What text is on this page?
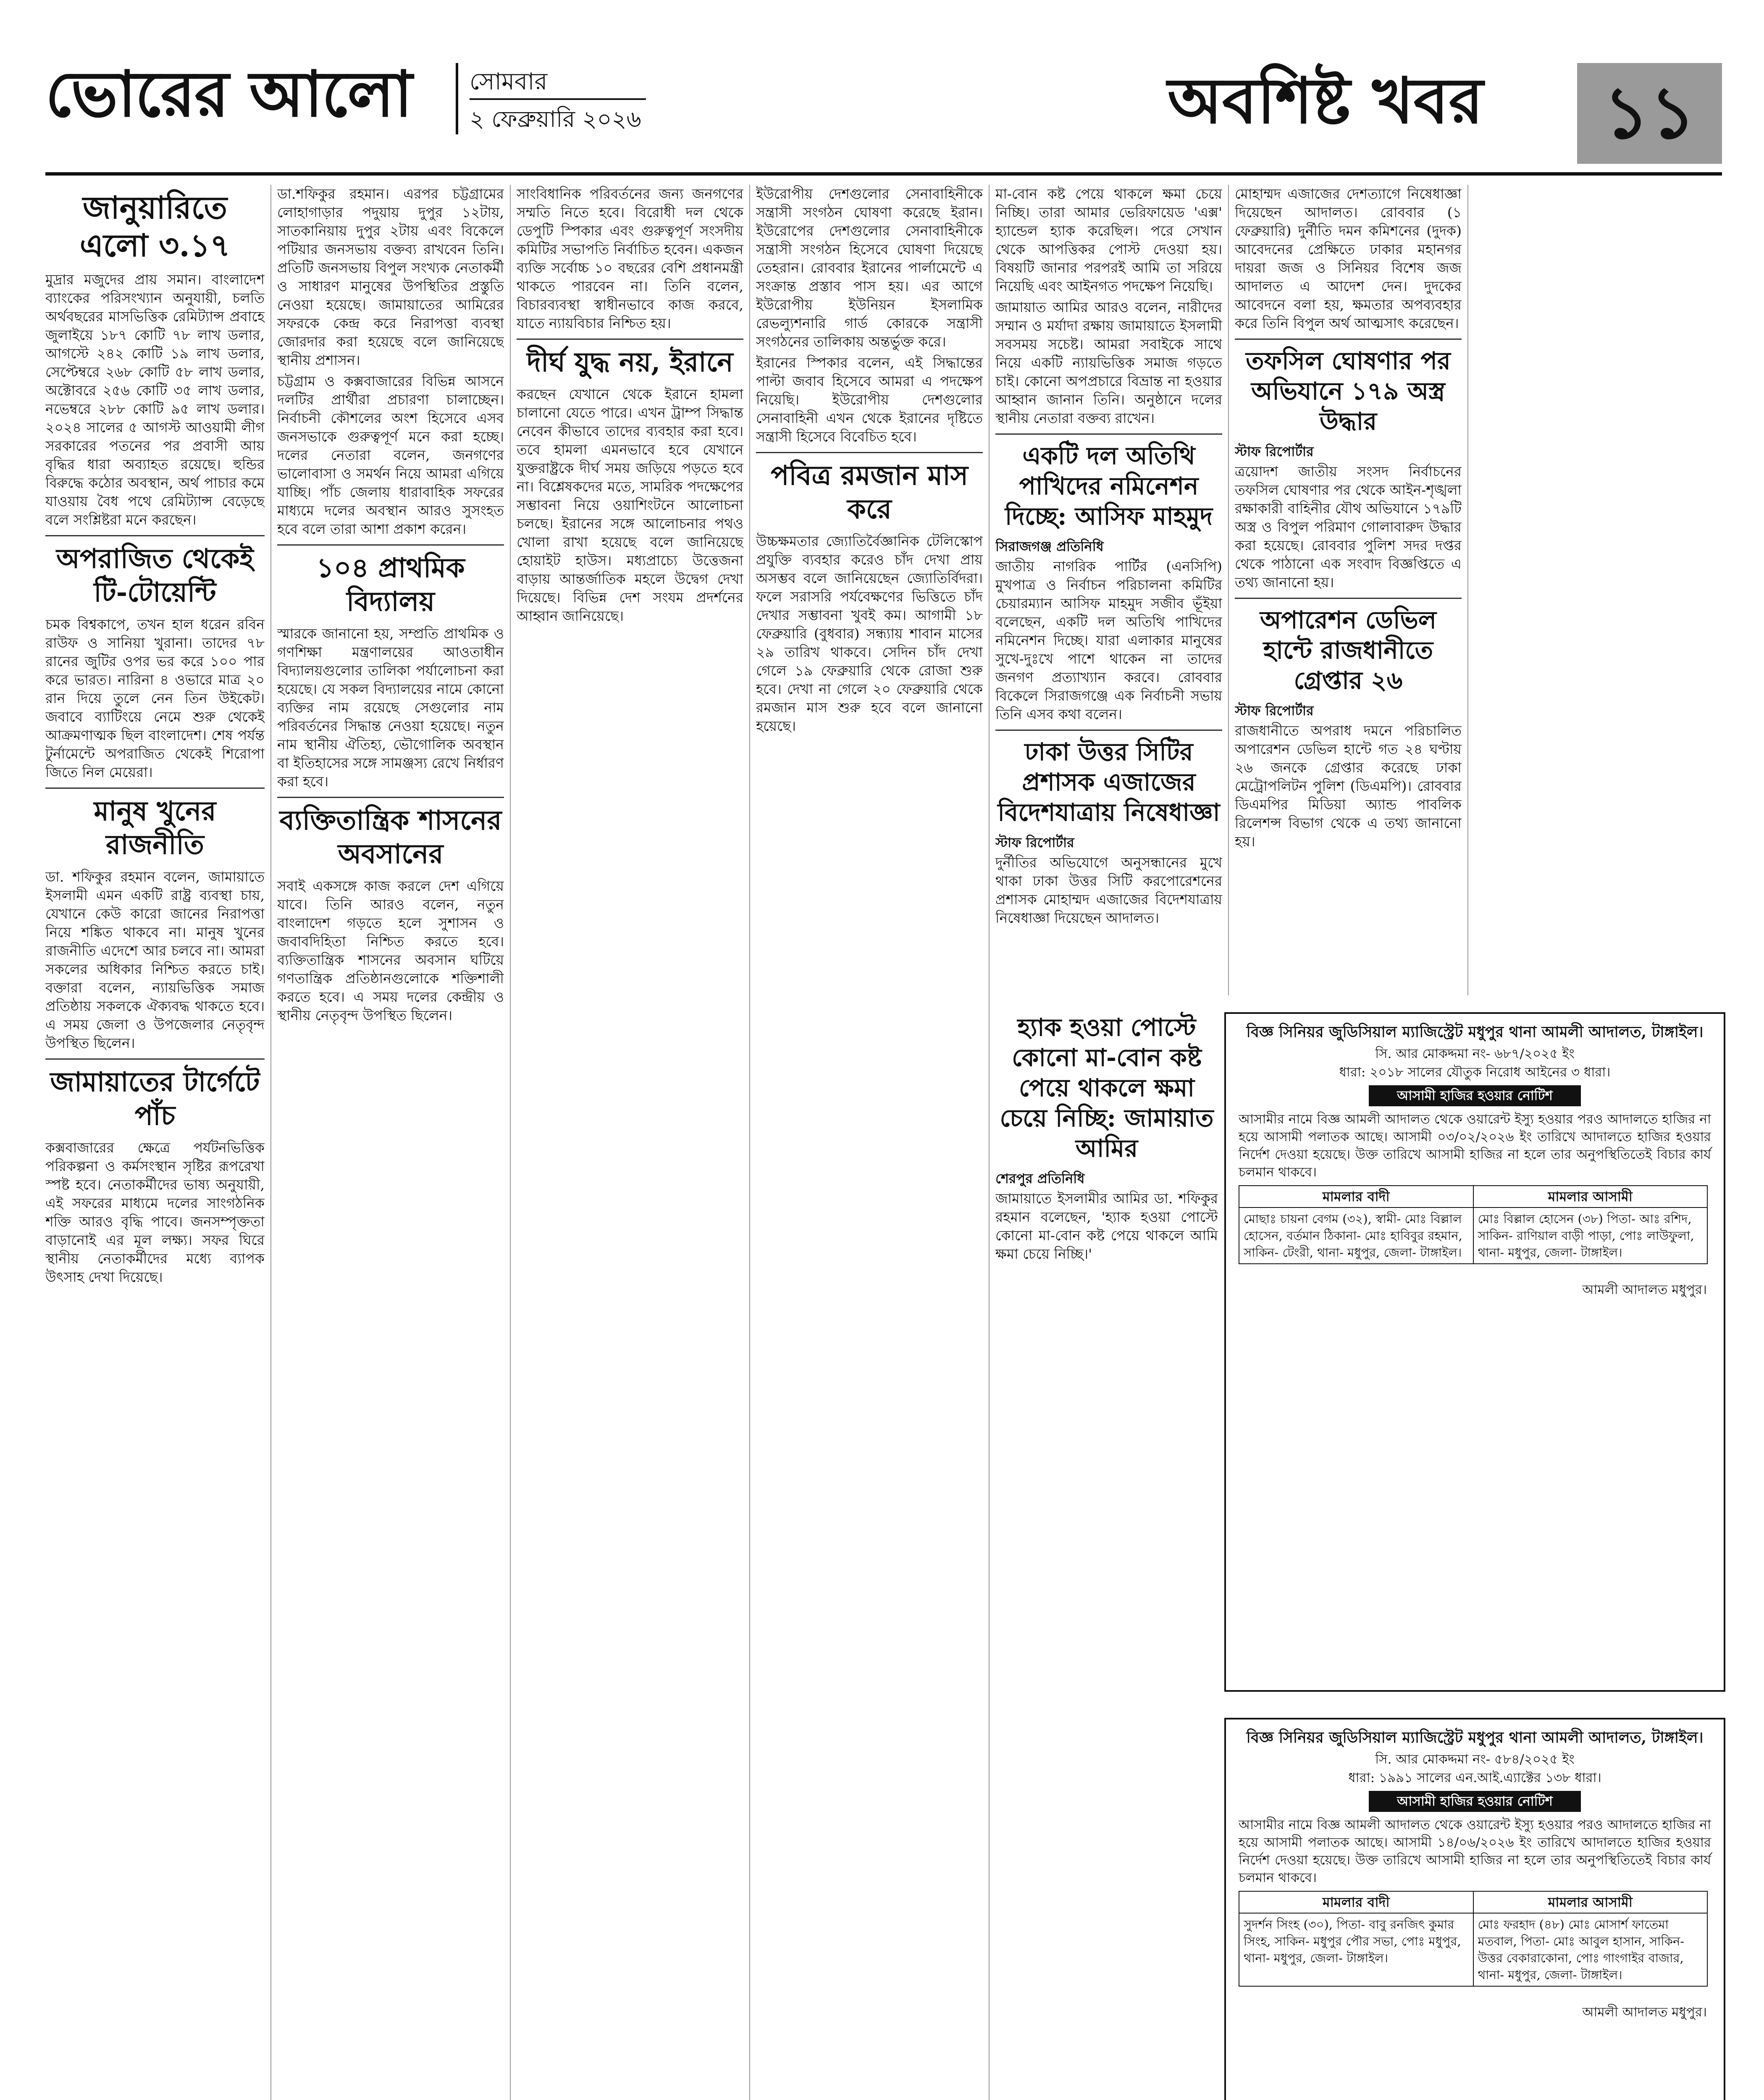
ভোরের আলো সোমবার
২ ফেব্রুয়ারি ২০২৬	অবশিষ্ট খবর	১১
জানুয়ারিতে এলো ৩.১৭

মুদ্রার মজুদের প্রায় সমান। বাংলাদেশ ব্যাংকের পরিসংখ্যান অনুযায়ী, চলতি অর্থবছরের মাসভিত্তিক রেমিট্যান্স প্রবাহে জুলাইয়ে ১৮৭ কোটি ৭৮ লাখ ডলার, আগস্টে ২৪২ কোটি ১৯ লাখ ডলার, সেপ্টেম্বরে ২৬৮ কোটি ৫৮ লাখ ডলার, অক্টোবরে ২৫৬ কোটি ৩৫ লাখ ডলার, নভেম্বরে ২৮৮ কোটি ৯৫ লাখ ডলার। ২০২৪ সালের ৫ আগস্ট আওয়ামী লীগ সরকারের পতনের পর প্রবাসী আয় বৃদ্ধির ধারা অব্যাহত রয়েছে। হুন্ডির বিরুদ্ধে কঠোর অবস্থান, অর্থ পাচার কমে যাওয়ায় বৈধ পথে রেমিট্যান্স বেড়েছে বলে সংশ্লিষ্টরা মনে করছেন।

অপরাজিত থেকেই টি-টোয়েন্টি

চমক বিশ্বকাপে, তখন হাল ধরেন রবিন রাউফ ও সানিয়া খুরানা। তাদের ৭৮ রানের জুটির ওপর ভর করে ১০০ পার করে ভারত। নারিনা ৪ ওভারে মাত্র ২০ রান দিয়ে তুলে নেন তিন উইকেট। জবাবে ব্যাটিংয়ে নেমে শুরু থেকেই আক্রমণাত্মক ছিল বাংলাদেশ। শেষ পর্যন্ত টুর্নামেন্টে অপরাজিত থেকেই শিরোপা জিতে নিল মেয়েরা।

মানুষ খুনের রাজনীতি

ডা. শফিকুর রহমান বলেন, জামায়াতে ইসলামী এমন একটি রাষ্ট্র ব্যবস্থা চায়, যেখানে কেউ কারো জানের নিরাপত্তা নিয়ে শঙ্কিত থাকবে না। মানুষ খুনের রাজনীতি এদেশে আর চলবে না। আমরা সকলের অধিকার নিশ্চিত করতে চাই। বক্তারা বলেন, ন্যায়ভিত্তিক সমাজ প্রতিষ্ঠায় সকলকে ঐক্যবদ্ধ থাকতে হবে। এ সময় জেলা ও উপজেলার নেতৃবৃন্দ উপস্থিত ছিলেন।

জামায়াতের টার্গেটে পাঁচ

কক্সবাজারের ক্ষেত্রে পর্যটনভিত্তিক পরিকল্পনা ও কর্মসংস্থান সৃষ্টির রূপরেখা স্পষ্ট হবে। নেতাকর্মীদের ভাষ্য অনুযায়ী, এই সফরের মাধ্যমে দলের সাংগঠনিক শক্তি আরও বৃদ্ধি পাবে। জনসম্পৃক্ততা বাড়ানোই এর মূল লক্ষ্য। সফর ঘিরে স্থানীয় নেতাকর্মীদের মধ্যে ব্যাপক উৎসাহ দেখা দিয়েছে।

ডা.শফিকুর রহমান। এরপর চট্টগ্রামের লোহাগাড়ার পদুয়ায় দুপুর ১২টায়, সাতকানিয়ায় দুপুর ২টায় এবং বিকেলে পটিয়ার জনসভায় বক্তব্য রাখবেন তিনি। প্রতিটি জনসভায় বিপুল সংখ্যক নেতাকর্মী ও সাধারণ মানুষের উপস্থিতির প্রস্তুতি নেওয়া হয়েছে। জামায়াতের আমিরের সফরকে কেন্দ্র করে নিরাপত্তা ব্যবস্থা জোরদার করা হয়েছে বলে জানিয়েছে স্থানীয় প্রশাসন।

চট্টগ্রাম ও কক্সবাজারের বিভিন্ন আসনে দলটির প্রার্থীরা প্রচারণা চালাচ্ছেন। নির্বাচনী কৌশলের অংশ হিসেবে এসব জনসভাকে গুরুত্বপূর্ণ মনে করা হচ্ছে। দলের নেতারা বলেন, জনগণের ভালোবাসা ও সমর্থন নিয়ে আমরা এগিয়ে যাচ্ছি। পাঁচ জেলায় ধারাবাহিক সফরের মাধ্যমে দলের অবস্থান আরও সুসংহত হবে বলে তারা আশা প্রকাশ করেন।

১০৪ প্রাথমিক বিদ্যালয়

স্মারকে জানানো হয়, সম্প্রতি প্রাথমিক ও গণশিক্ষা মন্ত্রণালয়ের আওতাধীন বিদ্যালয়গুলোর তালিকা পর্যালোচনা করা হয়েছে। যে সকল বিদ্যালয়ের নামে কোনো ব্যক্তির নাম রয়েছে সেগুলোর নাম পরিবর্তনের সিদ্ধান্ত নেওয়া হয়েছে। নতুন নাম স্থানীয় ঐতিহ্য, ভৌগোলিক অবস্থান বা ইতিহাসের সঙ্গে সামঞ্জস্য রেখে নির্ধারণ করা হবে।

ব্যক্তিতান্ত্রিক শাসনের অবসানের

সবাই একসঙ্গে কাজ করলে দেশ এগিয়ে যাবে। তিনি আরও বলেন, নতুন বাংলাদেশ গড়তে হলে সুশাসন ও জবাবদিহিতা নিশ্চিত করতে হবে। ব্যক্তিতান্ত্রিক শাসনের অবসান ঘটিয়ে গণতান্ত্রিক প্রতিষ্ঠানগুলোকে শক্তিশালী করতে হবে। এ সময় দলের কেন্দ্রীয় ও স্থানীয় নেতৃবৃন্দ উপস্থিত ছিলেন।

সাংবিধানিক পরিবর্তনের জন্য জনগণের সম্মতি নিতে হবে। বিরোধী দল থেকে ডেপুটি স্পিকার এবং গুরুত্বপূর্ণ সংসদীয় কমিটির সভাপতি নির্বাচিত হবেন। একজন ব্যক্তি সর্বোচ্চ ১০ বছরের বেশি প্রধানমন্ত্রী থাকতে পারবেন না। তিনি বলেন, বিচারব্যবস্থা স্বাধীনভাবে কাজ করবে, যাতে ন্যায়বিচার নিশ্চিত হয়।

দীর্ঘ যুদ্ধ নয়, ইরানে

করছেন যেখানে থেকে ইরানে হামলা চালানো যেতে পারে। এখন ট্রাম্প সিদ্ধান্ত নেবেন কীভাবে তাদের ব্যবহার করা হবে। তবে হামলা এমনভাবে হবে যেখানে যুক্তরাষ্ট্রকে দীর্ঘ সময় জড়িয়ে পড়তে হবে না। বিশ্লেষকদের মতে, সামরিক পদক্ষেপের সম্ভাবনা নিয়ে ওয়াশিংটনে আলোচনা চলছে। ইরানের সঙ্গে আলোচনার পথও খোলা রাখা হয়েছে বলে জানিয়েছে হোয়াইট হাউস। মধ্যপ্রাচ্যে উত্তেজনা বাড়ায় আন্তর্জাতিক মহলে উদ্বেগ দেখা দিয়েছে। বিভিন্ন দেশ সংযম প্রদর্শনের আহ্বান জানিয়েছে।

ইউরোপীয় দেশগুলোর সেনাবাহিনীকে সন্ত্রাসী সংগঠন ঘোষণা করেছে ইরান। ইউরোপের দেশগুলোর সেনাবাহিনীকে সন্ত্রাসী সংগঠন হিসেবে ঘোষণা দিয়েছে তেহরান। রোববার ইরানের পার্লামেন্টে এ সংক্রান্ত প্রস্তাব পাস হয়। এর আগে ইউরোপীয় ইউনিয়ন ইসলামিক রেভল্যুশনারি গার্ড কোরকে সন্ত্রাসী সংগঠনের তালিকায় অন্তর্ভুক্ত করে।

ইরানের স্পিকার বলেন, এই সিদ্ধান্তের পাল্টা জবাব হিসেবে আমরা এ পদক্ষেপ নিয়েছি। ইউরোপীয় দেশগুলোর সেনাবাহিনী এখন থেকে ইরানের দৃষ্টিতে সন্ত্রাসী হিসেবে বিবেচিত হবে।

পবিত্র রমজান মাস করে

উচ্চক্ষমতার জ্যোতির্বৈজ্ঞানিক টেলিস্কোপ প্রযুক্তি ব্যবহার করেও চাঁদ দেখা প্রায় অসম্ভব বলে জানিয়েছেন জ্যোতির্বিদরা। ফলে সরাসরি পর্যবেক্ষণের ভিত্তিতে চাঁদ দেখার সম্ভাবনা খুবই কম। আগামী ১৮ ফেব্রুয়ারি (বুধবার) সন্ধ্যায় শাবান মাসের ২৯ তারিখ থাকবে। সেদিন চাঁদ দেখা গেলে ১৯ ফেব্রুয়ারি থেকে রোজা শুরু হবে। দেখা না গেলে ২০ ফেব্রুয়ারি থেকে রমজান মাস শুরু হবে বলে জানানো হয়েছে।

মা-বোন কষ্ট পেয়ে থাকলে ক্ষমা চেয়ে নিচ্ছি। তারা আমার ভেরিফায়েড 'এক্স' হ্যান্ডেল হ্যাক করেছিল। পরে সেখান থেকে আপত্তিকর পোস্ট দেওয়া হয়। বিষয়টি জানার পরপরই আমি তা সরিয়ে নিয়েছি এবং আইনগত পদক্ষেপ নিয়েছি।

জামায়াত আমির আরও বলেন, নারীদের সম্মান ও মর্যাদা রক্ষায় জামায়াতে ইসলামী সবসময় সচেষ্ট। আমরা সবাইকে সাথে নিয়ে একটি ন্যায়ভিত্তিক সমাজ গড়তে চাই। কোনো অপপ্রচারে বিভ্রান্ত না হওয়ার আহ্বান জানান তিনি। অনুষ্ঠানে দলের স্থানীয় নেতারা বক্তব্য রাখেন।

একটি দল অতিথি পাখিদের নমিনেশন দিচ্ছে: আসিফ মাহমুদ
সিরাজগঞ্জ প্রতিনিধি

জাতীয় নাগরিক পার্টির (এনসিপি) মুখপাত্র ও নির্বাচন পরিচালনা কমিটির চেয়ারম্যান আসিফ মাহমুদ সজীব ভূঁইয়া বলেছেন, একটি দল অতিথি পাখিদের নমিনেশন দিচ্ছে। যারা এলাকার মানুষের সুখে-দুঃখে পাশে থাকেন না তাদের জনগণ প্রত্যাখ্যান করবে। রোববার বিকেলে সিরাজগঞ্জে এক নির্বাচনী সভায় তিনি এসব কথা বলেন।

ঢাকা উত্তর সিটির প্রশাসক এজাজের বিদেশযাত্রায় নিষেধাজ্ঞা
স্টাফ রিপোর্টার

দুর্নীতির অভিযোগে অনুসন্ধানের মুখে থাকা ঢাকা উত্তর সিটি করপোরেশনের প্রশাসক মোহাম্মদ এজাজের বিদেশযাত্রায় নিষেধাজ্ঞা দিয়েছেন আদালত।

মোহাম্মদ এজাজের দেশত্যাগে নিষেধাজ্ঞা দিয়েছেন আদালত। রোববার (১ ফেব্রুয়ারি) দুর্নীতি দমন কমিশনের (দুদক) আবেদনের প্রেক্ষিতে ঢাকার মহানগর দায়রা জজ ও সিনিয়র বিশেষ জজ আদালত এ আদেশ দেন। দুদকের আবেদনে বলা হয়, ক্ষমতার অপব্যবহার করে তিনি বিপুল অর্থ আত্মসাৎ করেছেন।

তফসিল ঘোষণার পর অভিযানে ১৭৯ অস্ত্র উদ্ধার
স্টাফ রিপোর্টার

ত্রয়োদশ জাতীয় সংসদ নির্বাচনের তফসিল ঘোষণার পর থেকে আইন-শৃঙ্খলা রক্ষাকারী বাহিনীর যৌথ অভিযানে ১৭৯টি অস্ত্র ও বিপুল পরিমাণ গোলাবারুদ উদ্ধার করা হয়েছে। রোববার পুলিশ সদর দপ্তর থেকে পাঠানো এক সংবাদ বিজ্ঞপ্তিতে এ তথ্য জানানো হয়।

অপারেশন ডেভিল হান্টে রাজধানীতে গ্রেপ্তার ২৬
স্টাফ রিপোর্টার

রাজধানীতে অপরাধ দমনে পরিচালিত অপারেশন ডেভিল হান্টে গত ২৪ ঘণ্টায় ২৬ জনকে গ্রেপ্তার করেছে ঢাকা মেট্রোপলিটন পুলিশ (ডিএমপি)। রোববার ডিএমপির মিডিয়া অ্যান্ড পাবলিক রিলেশন্স বিভাগ থেকে এ তথ্য জানানো হয়।

বিজ্ঞ সিনিয়র জুডিসিয়াল ম্যাজিস্ট্রেট মধুপুর থানা আমলী আদালত, টাঙ্গাইল।
সি. আর মোকদ্দমা নং- ৬৮৭/২০২৫ ইং
ধারা: ২০১৮ সালের যৌতুক নিরোধ আইনের ৩ ধারা।
আসামী হাজির হওয়ার নোটিশ
আসামীর নামে বিজ্ঞ আমলী আদালত থেকে ওয়ারেন্ট ইস্যু হওয়ার পরও আদালতে হাজির না হয়ে আসামী পলাতক আছে। আসামী ০৩/০২/২০২৬ ইং তারিখে আদালতে হাজির হওয়ার নির্দেশ দেওয়া হয়েছে। উক্ত তারিখে আসামী হাজির না হলে তার অনুপস্থিতিতেই বিচার কার্য চলমান থাকবে।
মামলার বাদী	মামলার আসামী
মোছাঃ চায়না বেগম (৩২), স্বামী- মোঃ বিল্লাল হোসেন, বর্তমান ঠিকানা- মোঃ হাবিবুর রহমান, সাকিন- টেংরী, থানা- মধুপুর, জেলা- টাঙ্গাইল।	মোঃ বিল্লাল হোসেন (৩৮) পিতা- আঃ রশিদ, সাকিন- রাণিয়াল বাড়ী পাড়া, পোঃ লাউফুলা, থানা- মধুপুর, জেলা- টাঙ্গাইল।
আমলী আদালত মধুপুর।
বিজ্ঞ সিনিয়র জুডিসিয়াল ম্যাজিস্ট্রেট মধুপুর থানা আমলী আদালত, টাঙ্গাইল।
সি. আর মোকদ্দমা নং- ৫৮৪/২০২৫ ইং
ধারা: ১৯৯১ সালের এন.আই.এ্যাক্টের ১৩৮ ধারা।
আসামী হাজির হওয়ার নোটিশ
আসামীর নামে বিজ্ঞ আমলী আদালত থেকে ওয়ারেন্ট ইস্যু হওয়ার পরও আদালতে হাজির না হয়ে আসামী পলাতক আছে। আসামী ১৪/০৬/২০২৬ ইং তারিখে আদালতে হাজির হওয়ার নির্দেশ দেওয়া হয়েছে। উক্ত তারিখে আসামী হাজির না হলে তার অনুপস্থিতিতেই বিচার কার্য চলমান থাকবে।
মামলার বাদী	মামলার আসামী
সুদর্শন সিংহ (৩০), পিতা- বাবু রনজিৎ কুমার সিংহ, সাকিন- মধুপুর পৌর সভা, পোঃ মধুপুর, থানা- মধুপুর, জেলা- টাঙ্গাইল।	মোঃ ফরহাদ (৪৮) মোঃ মোসার্শ ফাতেমা মতবাল, পিতা- মোঃ আবুল হাসান, সাকিন- উত্তর বেকারাকোনা, পোঃ গাংগাইর বাজার, থানা- মধুপুর, জেলা- টাঙ্গাইল।
আমলী আদালত মধুপুর।
হ্যাক হওয়া পোস্টে কোনো মা-বোন কষ্ট পেয়ে থাকলে ক্ষমা চেয়ে নিচ্ছি: জামায়াত আমির
শেরপুর প্রতিনিধি

জামায়াতে ইসলামীর আমির ডা. শফিকুর রহমান বলেছেন, 'হ্যাক হওয়া পোস্টে কোনো মা-বোন কষ্ট পেয়ে থাকলে আমি ক্ষমা চেয়ে নিচ্ছি।'
